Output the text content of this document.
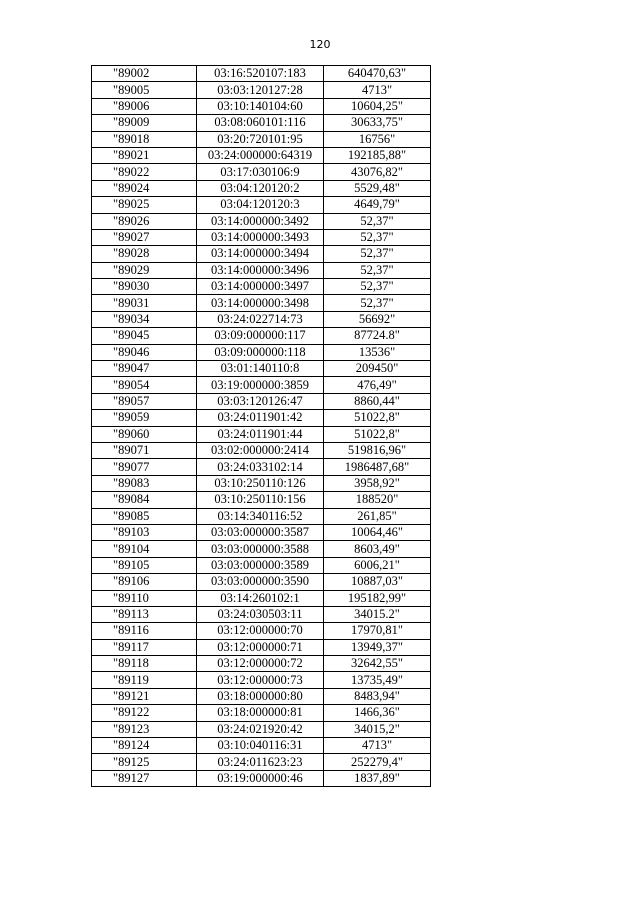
120
"89002	03:16:520107:183	640470,63"
"89005	03:03:120127:28	4713"
"89006	03:10:140104:60	10604,25"
"89009	03:08:060101:116	30633,75"
"89018	03:20:720101:95	16756"
"89021	03:24:000000:64319	192185,88"
"89022	03:17:030106:9	43076,82"
"89024	03:04:120120:2	5529,48"
"89025	03:04:120120:3	4649,79"
"89026	03:14:000000:3492	52,37"
"89027	03:14:000000:3493	52,37"
"89028	03:14:000000:3494	52,37"
"89029	03:14:000000:3496	52,37"
"89030	03:14:000000:3497	52,37"
"89031	03:14:000000:3498	52,37"
"89034	03:24:022714:73	56692"
"89045	03:09:000000:117	87724.8"
"89046	03:09:000000:118	13536"
"89047	03:01:140110:8	209450"
"89054	03:19:000000:3859	476,49"
"89057	03:03:120126:47	8860,44"
"89059	03:24:011901:42	51022,8"
"89060	03:24:011901:44	51022,8"
"89071	03:02:000000:2414	519816,96"
"89077	03:24:033102:14	1986487,68"
"89083	03:10:250110:126	3958,92"
"89084	03:10:250110:156	188520"
"89085	03:14:340116:52	261,85"
"89103	03:03:000000:3587	10064,46"
"89104	03:03:000000:3588	8603,49"
"89105	03:03:000000:3589	6006,21"
"89106	03:03:000000:3590	10887,03"
"89110	03:14:260102:1	195182,99"
"89113	03:24:030503:11	34015.2"
"89116	03:12:000000:70	17970,81"
"89117	03:12:000000:71	13949,37"
"89118	03:12:000000:72	32642,55"
"89119	03:12:000000:73	13735,49"
"89121	03:18:000000:80	8483,94"
"89122	03:18:000000:81	1466,36"
"89123	03:24:021920:42	34015,2"
"89124	03:10:040116:31	4713"
"89125	03:24:011623:23	252279,4"
"89127	03:19:000000:46	1837,89"
